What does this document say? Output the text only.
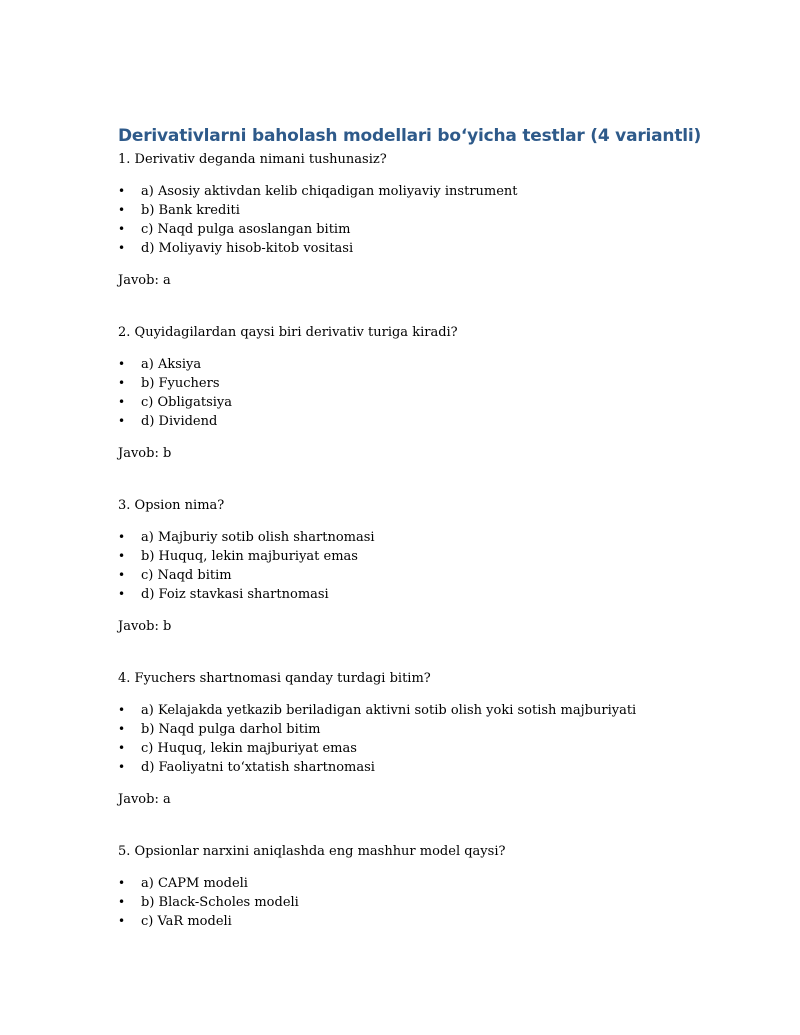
Derivativlarni baholash modellari bo‘yicha testlar (4 variantli)

1. Derivativ deganda nimani tushunasiz?

• a) Asosiy aktivdan kelib chiqadigan moliyaviy instrument
• b) Bank krediti
• c) Naqd pulga asoslangan bitim
• d) Moliyaviy hisob-kitob vositasi

Javob: a

2. Quyidagilardan qaysi biri derivativ turiga kiradi?

• a) Aksiya
• b) Fyuchers
• c) Obligatsiya
• d) Dividend

Javob: b

3. Opsion nima?

• a) Majburiy sotib olish shartnomasi
• b) Huquq, lekin majburiyat emas
• c) Naqd bitim
• d) Foiz stavkasi shartnomasi

Javob: b

4. Fyuchers shartnomasi qanday turdagi bitim?

• a) Kelajakda yetkazib beriladigan aktivni sotib olish yoki sotish majburiyati
• b) Naqd pulga darhol bitim
• c) Huquq, lekin majburiyat emas
• d) Faoliyatni to‘xtatish shartnomasi

Javob: a

5. Opsionlar narxini aniqlashda eng mashhur model qaysi?

• a) CAPM modeli
• b) Black-Scholes modeli
• c) VaR modeli
